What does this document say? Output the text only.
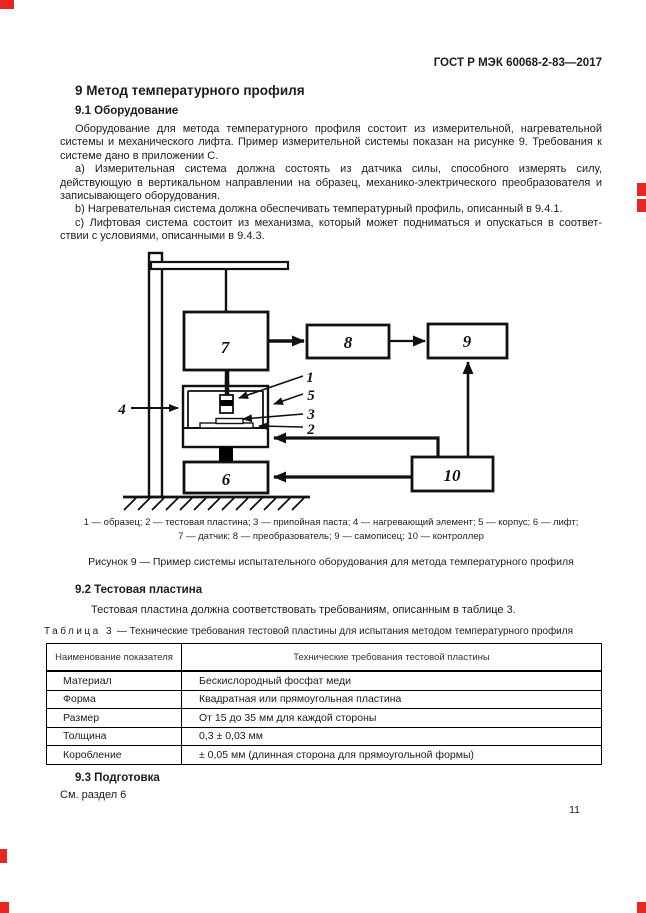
ГОСТ Р МЭК 60068-2-83—2017
9 Метод температурного профиля
9.1 Оборудование
Оборудование для метода температурного профиля состоит из измерительной, нагревательной
системы и механического лифта. Пример измерительной системы показан на рисунке 9. Требования к
системе дано в приложении С.
a) Измерительная система должна состоять из датчика силы, способного измерять силу,
действующую в вертикальном направлении на образец, механико-электрического преобразователя и
записывающего оборудования.
b) Нагревательная система должна обеспечивать температурный профиль, описанный в 9.4.1.
c) Лифтовая система состоит из механизма, который может подниматься и опускаться в соответ-
ствии с условиями, описанными в 9.4.3.
7	8	9
10
6
1
5
3
2
4
1 — образец; 2 — тестовая пластина; 3 — припойная паста; 4 — нагревающий элемент; 5 — корпус; 6 — лифт;
7 — датчик; 8 — преобразователь; 9 — самописец; 10 — контроллер
Рисунок 9 — Пример системы испытательного оборудования для метода температурного профиля
9.2 Тестовая пластина
Тестовая пластина должна соответствовать требованиям, описанным в таблице 3.
Таблица 3 — Технические требования тестовой пластины для испытания методом температурного профиля
Наименование показателя	Технические требования тестовой пластины
Материал	Бескислородный фосфат меди
Форма	Квадратная или прямоугольная пластина
Размер	От 15 до 35 мм для каждой стороны
Толщина	0,3 ± 0,03 мм
Коробление	± 0,05 мм (длинная сторона для прямоугольной формы)
9.3 Подготовка
См. раздел 6
11
